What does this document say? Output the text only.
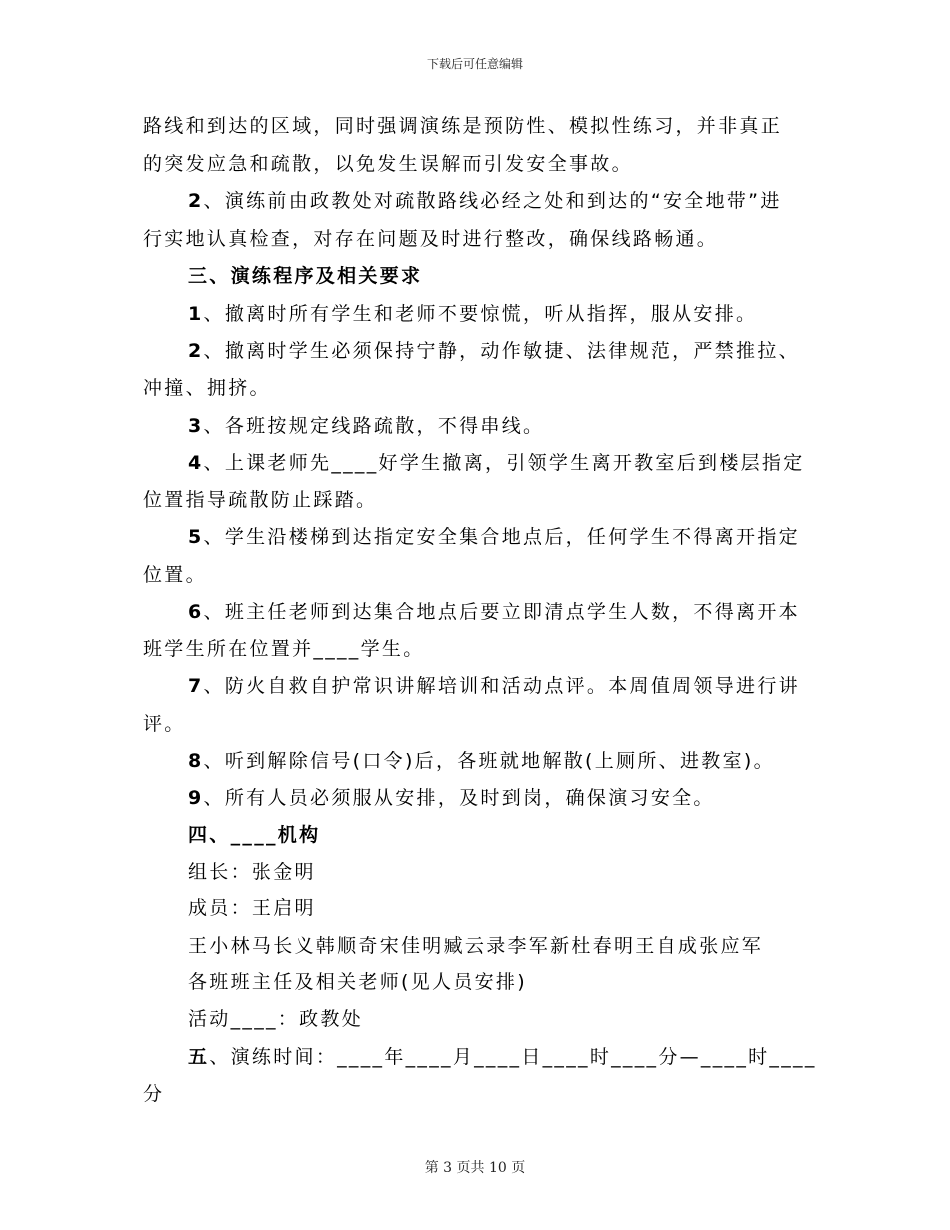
下载后可任意编辑
路线和到达的区域，同时强调演练是预防性、模拟性练习，并非真正
的突发应急和疏散，以免发生误解而引发安全事故。
2、演练前由政教处对疏散路线必经之处和到达的“安全地带”进
行实地认真检查，对存在问题及时进行整改，确保线路畅通。
三、演练程序及相关要求
1、撤离时所有学生和老师不要惊慌，听从指挥，服从安排。
2、撤离时学生必须保持宁静，动作敏捷、法律规范，严禁推拉、
冲撞、拥挤。
3、各班按规定线路疏散，不得串线。
4、上课老师先____好学生撤离，引领学生离开教室后到楼层指定
位置指导疏散防止踩踏。
5、学生沿楼梯到达指定安全集合地点后，任何学生不得离开指定
位置。
6、班主任老师到达集合地点后要立即清点学生人数，不得离开本
班学生所在位置并____学生。
7、防火自救自护常识讲解培训和活动点评。本周值周领导进行讲
评。
8、听到解除信号(口令)后，各班就地解散(上厕所、进教室)。
9、所有人员必须服从安排，及时到岗，确保演习安全。
四、____机构
组长：张金明
成员：王启明
王小林马长义韩顺奇宋佳明臧云录李军新杜春明王自成张应军
各班班主任及相关老师(见人员安排)
活动____：政教处
五、演练时间：____年____月____日____时____分—____时____
分
第 3 页共 10 页
